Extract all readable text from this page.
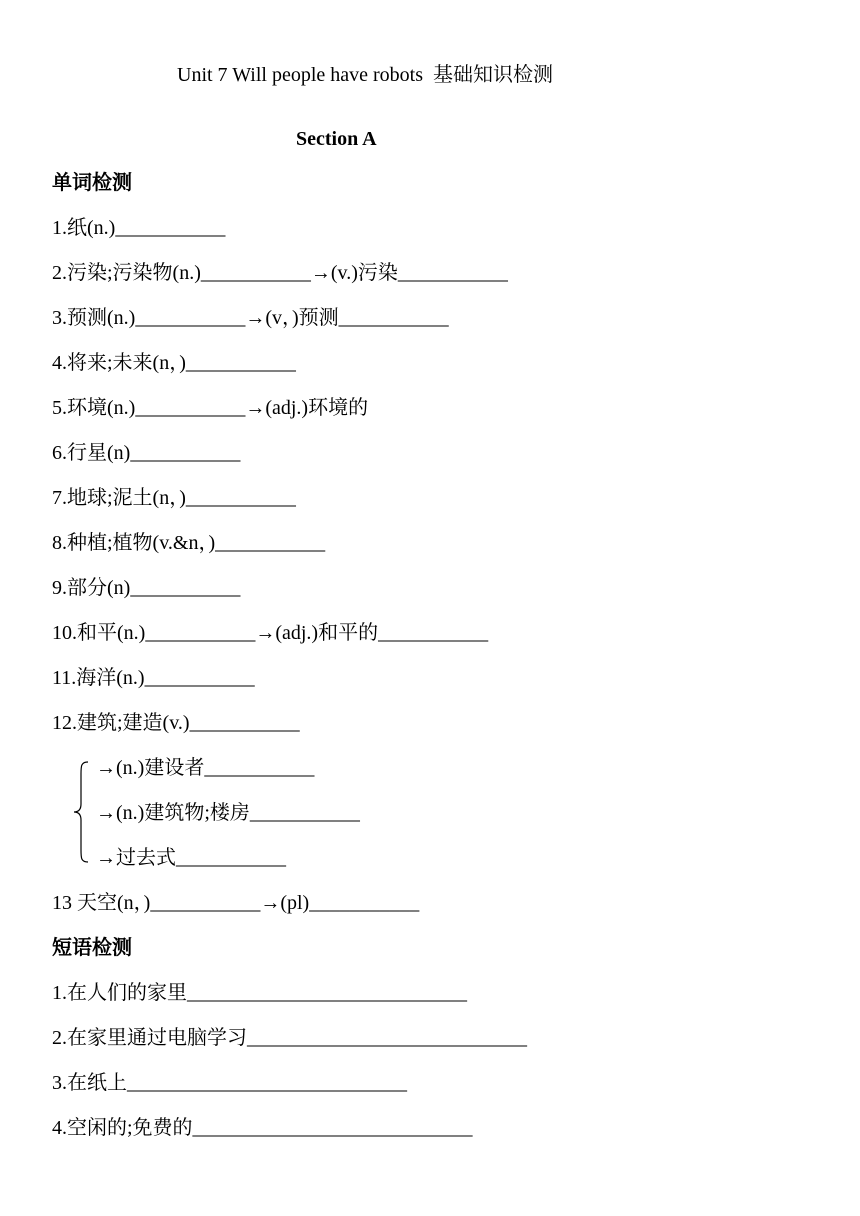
Unit 7 Will people have robots  基础知识检测
Section A
单词检测
1.纸(n.)___________
2.污染;污染物(n.)___________→(v.)污染___________
3.预测(n.)___________→(v，)预测___________
4.将来;未来(n，)___________
5.环境(n.)___________→(adj.)环境的
6.行星(n)___________
7.地球;泥土(n，)___________
8.种植;植物(v.&n，)___________
9.部分(n)___________
10.和平(n.)___________→(adj.)和平的___________
11.海洋(n.)___________
12.建筑;建造(v.)___________
→(n.)建设者___________
→(n.)建筑物;楼房___________
→过去式___________
13 天空(n，)___________→(pl)___________
短语检测
1.在人们的家里____________________________
2.在家里通过电脑学习____________________________
3.在纸上____________________________
4.空闲的;免费的____________________________
